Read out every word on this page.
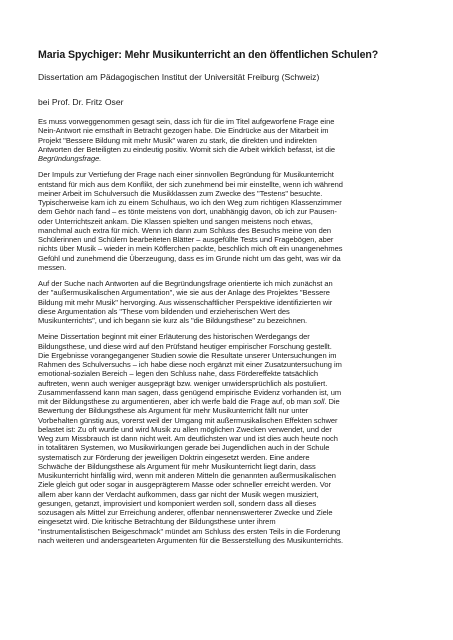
Maria Spychiger: Mehr Musikunterricht an den öffentlichen Schulen?
Dissertation am Pädagogischen Institut der Universität Freiburg (Schweiz)
bei Prof. Dr. Fritz Oser
Es muss vorweggenommen gesagt sein, dass ich für die im Titel aufgeworfene Frage eine
Nein-Antwort nie ernsthaft in Betracht gezogen habe. Die Eindrücke aus der Mitarbeit im
Projekt "Bessere Bildung mit mehr Musik" waren zu stark, die direkten und indirekten
Antworten der Beteiligten zu eindeutig positiv. Womit sich die Arbeit wirklich befasst, ist die
Begründungsfrage.
Der Impuls zur Vertiefung der Frage nach einer sinnvollen Begründung für Musikunterricht
entstand für mich aus dem Konflikt, der sich zunehmend bei mir einstellte, wenn ich während
meiner Arbeit im Schulversuch die Musikklassen zum Zwecke des "Testens" besuchte.
Typischerweise kam ich zu einem Schulhaus, wo ich den Weg zum richtigen Klassenzimmer
dem Gehör nach fand – es tönte meistens von dort, unabhängig davon, ob ich zur Pausen-
oder Unterrichtszeit ankam. Die Klassen spielten und sangen meistens noch etwas,
manchmal auch extra für mich. Wenn ich dann zum Schluss des Besuchs meine von den
Schülerinnen und Schülern bearbeiteten Blätter – ausgefüllte Tests und Fragebögen, aber
nichts über Musik – wieder in mein Köfferchen packte, beschlich mich oft ein unangenehmes
Gefühl und zunehmend die Überzeugung, dass es im Grunde nicht um das geht, was wir da
messen.
Auf der Suche nach Antworten auf die Begründungsfrage orientierte ich mich zunächst an
der "außermusikalischen Argumentation", wie sie aus der Anlage des Projektes "Bessere
Bildung mit mehr Musik" hervorging. Aus wissenschaftlicher Perspektive identifizierten wir
diese Argumentation als "These vom bildenden und erzieherischen Wert des
Musikunterrichts", und ich begann sie kurz als "die Bildungsthese" zu bezeichnen.
Meine Dissertation beginnt mit einer Erläuterung des historischen Werdegangs der
Bildungsthese, und diese wird auf den Prüfstand heutiger empirischer Forschung gestellt.
Die Ergebnisse vorangegangener Studien sowie die Resultate unserer Untersuchungen im
Rahmen des Schulversuchs – ich habe diese noch ergänzt mit einer Zusatzuntersuchung im
emotional-sozialen Bereich – legen den Schluss nahe, dass Fördereffekte tatsächlich
auftreten, wenn auch weniger ausgeprägt bzw. weniger unwidersprüchlich als postuliert.
Zusammenfassend kann man sagen, dass genügend empirische Evidenz vorhanden ist, um
mit der Bildungsthese zu argumentieren, aber ich werfe bald die Frage auf, ob man soll. Die
Bewertung der Bildungsthese als Argument für mehr Musikunterricht fällt nur unter
Vorbehalten günstig aus, vorerst weil der Umgang mit außermusikalischen Effekten schwer
belastet ist: Zu oft wurde und wird Musik zu allen möglichen Zwecken verwendet, und der
Weg zum Missbrauch ist dann nicht weit. Am deutlichsten war und ist dies auch heute noch
in totalitären Systemen, wo Musikwirkungen gerade bei Jugendlichen auch in der Schule
systematisch zur Förderung der jeweiligen Doktrin eingesetzt werden. Eine andere
Schwäche der Bildungsthese als Argument für mehr Musikunterricht liegt darin, dass
Musikunterricht hinfällig wird, wenn mit anderen Mitteln die genannten außermusikalischen
Ziele gleich gut oder sogar in ausgeprägterem Masse oder schneller erreicht werden. Vor
allem aber kann der Verdacht aufkommen, dass gar nicht der Musik wegen musiziert,
gesungen, getanzt, improvisiert und komponiert werden soll, sondern dass all dieses
sozusagen als Mittel zur Erreichung anderer, offenbar nennenswerterer Zwecke und Ziele
eingesetzt wird. Die kritische Betrachtung der Bildungsthese unter ihrem
"instrumentalistischen Beigeschmack" mündet am Schluss des ersten Teils in die Forderung
nach weiteren und andersgearteten Argumenten für die Besserstellung des Musikunterrichts.
